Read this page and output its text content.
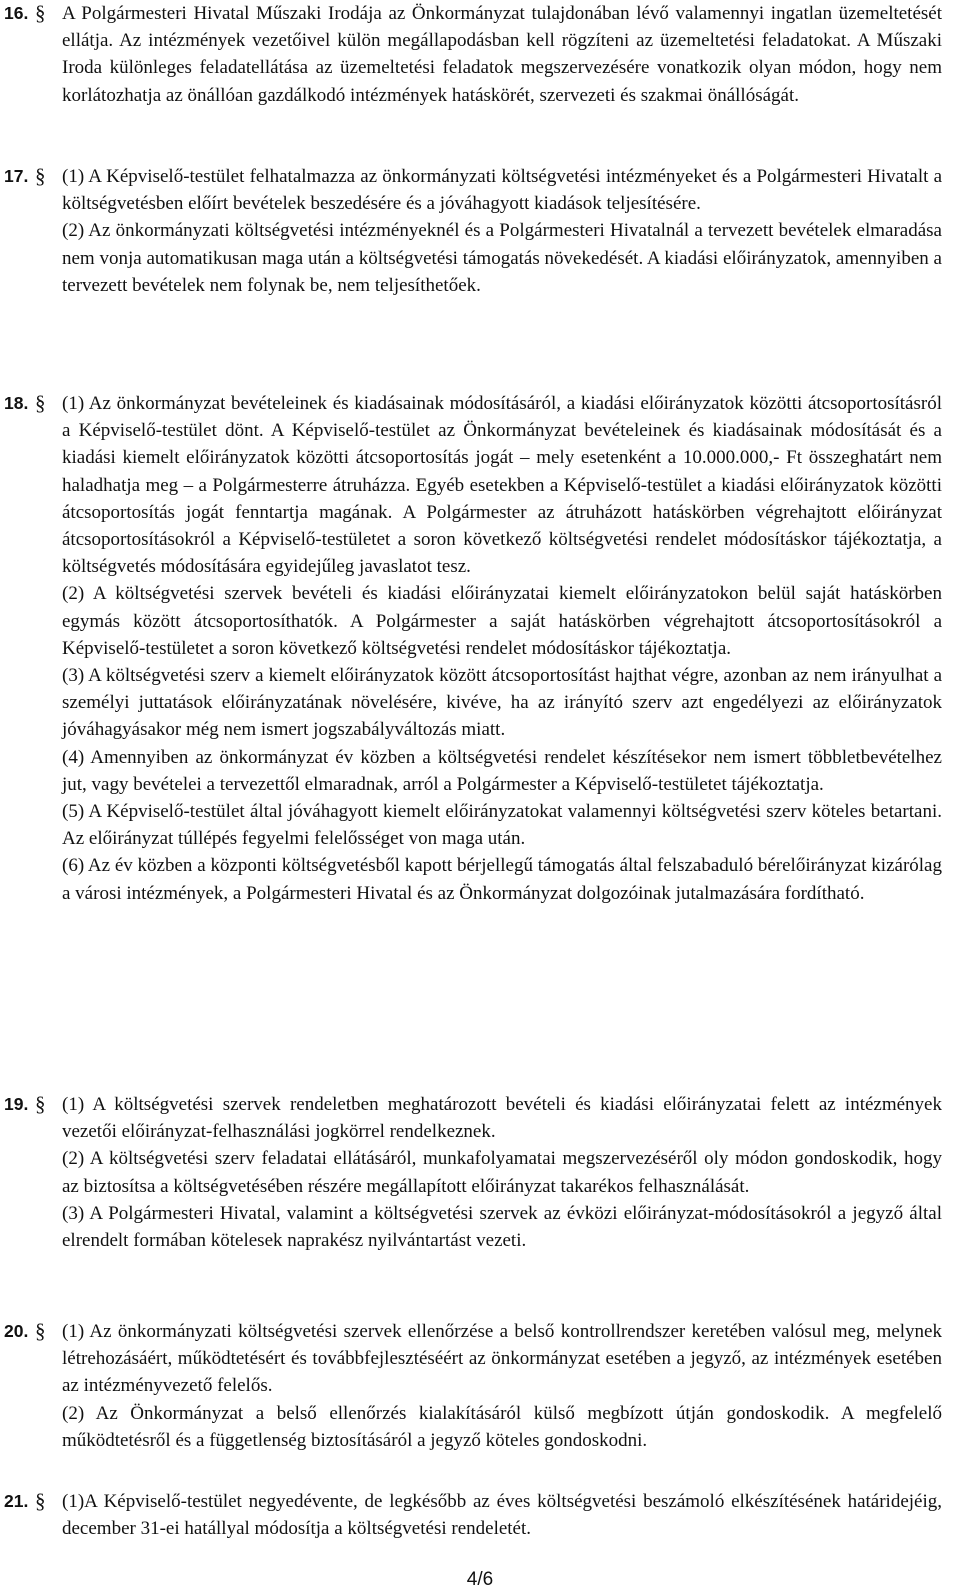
16. § A Polgármesteri Hivatal Műszaki Irodája az Önkormányzat tulajdonában lévő valamennyi ingatlan üzemeltetését ellátja. Az intézmények vezetőivel külön megállapodásban kell rögzíteni az üzemeltetési feladatokat. A Műszaki Iroda különleges feladatellátása az üzemeltetési feladatok megszervezésére vonatkozik olyan módon, hogy nem korlátozhatja az önállóan gazdálkodó intézmények hatáskörét, szervezeti és szakmai önállóságát.

17. § (1) A Képviselő-testület felhatalmazza az önkormányzati költségvetési intézményeket és a Polgármesteri Hivatalt a költségvetésben előírt bevételek beszedésére és a jóváhagyott kiadások teljesítésére.

(2) Az önkormányzati költségvetési intézményeknél és a Polgármesteri Hivatalnál a tervezett bevételek elmaradása nem vonja automatikusan maga után a költségvetési támogatás növekedését. A kiadási előirányzatok, amennyiben a tervezett bevételek nem folynak be, nem teljesíthetőek.

18. § (1) Az önkormányzat bevételeinek és kiadásainak módosításáról, a kiadási előirányzatok közötti átcsoportosításról a Képviselő-testület dönt. A Képviselő-testület az Önkormányzat bevételeinek és kiadásainak módosítását és a kiadási kiemelt előirányzatok közötti átcsoportosítás jogát – mely esetenként a 10.000.000,- Ft összeghatárt nem haladhatja meg – a Polgármesterre átruházza. Egyéb esetekben a Képviselő-testület a kiadási előirányzatok közötti átcsoportosítás jogát fenntartja magának. A Polgármester az átruházott hatáskörben végrehajtott előirányzat átcsoportosításokról a Képviselő-testületet a soron következő költségvetési rendelet módosításkor tájékoztatja, a költségvetés módosítására egyidejűleg javaslatot tesz.

(2) A költségvetési szervek bevételi és kiadási előirányzatai kiemelt előirányzatokon belül saját hatáskörben egymás között átcsoportosíthatók. A Polgármester a saját hatáskörben végrehajtott átcsoportosításokról a Képviselő-testületet a soron következő költségvetési rendelet módosításkor tájékoztatja.

(3) A költségvetési szerv a kiemelt előirányzatok között átcsoportosítást hajthat végre, azonban az nem irányulhat a személyi juttatások előirányzatának növelésére, kivéve, ha az irányító szerv azt engedélyezi az előirányzatok jóváhagyásakor még nem ismert jogszabályváltozás miatt.

(4) Amennyiben az önkormányzat év közben a költségvetési rendelet készítésekor nem ismert többletbevételhez jut, vagy bevételei a tervezettől elmaradnak, arról a Polgármester a Képviselő-testületet tájékoztatja.

(5) A Képviselő-testület által jóváhagyott kiemelt előirányzatokat valamennyi költségvetési szerv köteles betartani. Az előirányzat túllépés fegyelmi felelősséget von maga után.

(6) Az év közben a központi költségvetésből kapott bérjellegű támogatás által felszabaduló bérelőirányzat kizárólag a városi intézmények, a Polgármesteri Hivatal és az Önkormányzat dolgozóinak jutalmazására fordítható.

19. § (1) A költségvetési szervek rendeletben meghatározott bevételi és kiadási előirányzatai felett az intézmények vezetői előirányzat-felhasználási jogkörrel rendelkeznek.

(2) A költségvetési szerv feladatai ellátásáról, munkafolyamatai megszervezéséről oly módon gondoskodik, hogy az biztosítsa a költségvetésében részére megállapított előirányzat takarékos felhasználását.

(3) A Polgármesteri Hivatal, valamint a költségvetési szervek az évközi előirányzat-módosításokról a jegyző által elrendelt formában kötelesek naprakész nyilvántartást vezeti.

20. § (1) Az önkormányzati költségvetési szervek ellenőrzése a belső kontrollrendszer keretében valósul meg, melynek létrehozásáért, működtetésért és továbbfejlesztéséért az önkormányzat esetében a jegyző, az intézmények esetében az intézményvezető felelős.

(2) Az Önkormányzat a belső ellenőrzés kialakításáról külső megbízott útján gondoskodik. A megfelelő működtetésről és a függetlenség biztosításáról a jegyző köteles gondoskodni.

21. § (1)A Képviselő-testület negyedévente, de legkésőbb az éves költségvetési beszámoló elkészítésének határidejéig, december 31-ei hatállyal módosítja a költségvetési rendeletét.

4/6
